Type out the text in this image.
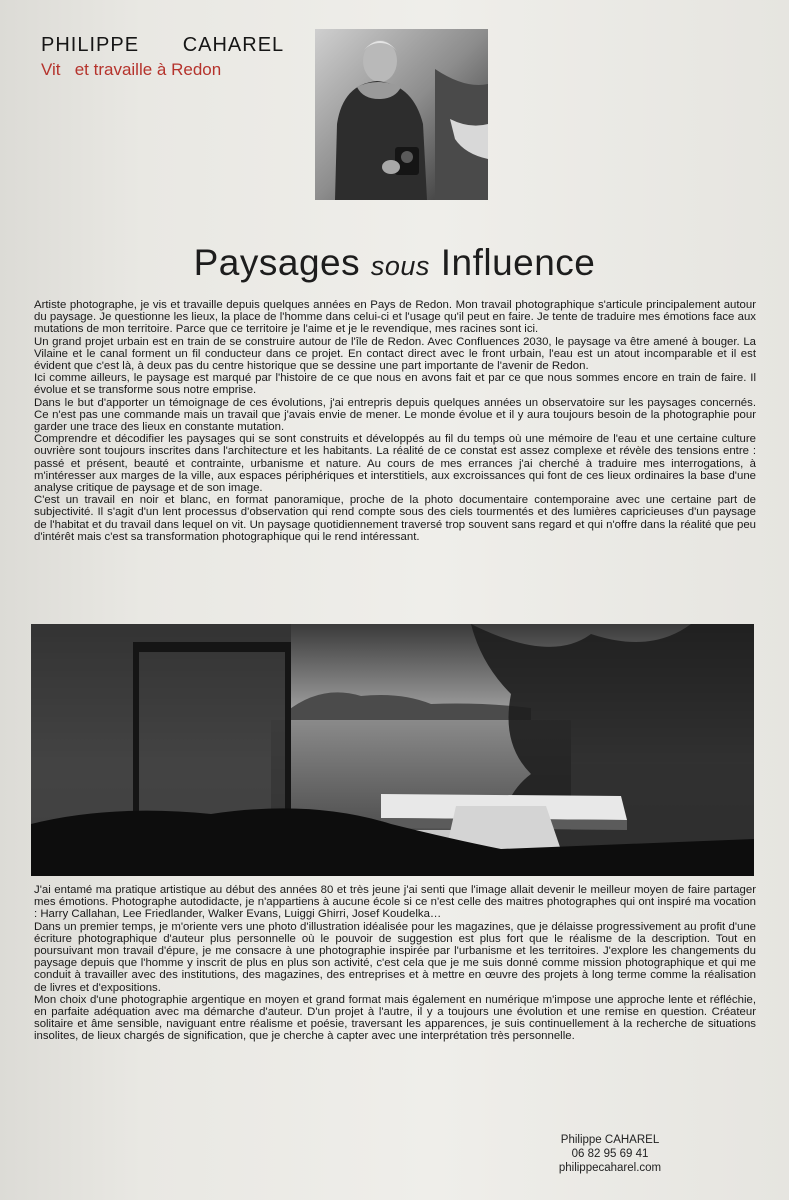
PHILIPPE   CAHAREL
Vit   et travaille à Redon
Paysages sous Influence

Artiste photographe, je vis et travaille depuis quelques années en Pays de Redon. Mon travail photographique s'articule principalement autour du paysage. Je questionne les lieux, la place de l'homme dans celui-ci et l'usage qu'il peut en faire. Je tente de traduire mes émotions face aux mutations de mon territoire. Parce que ce territoire je l'aime et je le revendique, mes racines sont ici.

Un grand projet urbain est en train de se construire autour de l'île de Redon. Avec Confluences 2030, le paysage va être amené à bouger. La Vilaine et le canal forment un fil conducteur dans ce projet. En contact direct avec le front urbain, l'eau est un atout incomparable et il est évident que c'est là, à deux pas du centre historique que se dessine une part importante de l'avenir de Redon.

Ici comme ailleurs, le paysage est marqué par l'histoire de ce que nous en avons fait et par ce que nous sommes encore en train de faire. Il évolue et se transforme sous notre emprise.

Dans le but d'apporter un témoignage de ces évolutions, j'ai entrepris depuis quelques années un observatoire sur les paysages concernés. Ce n'est pas une commande mais un travail que j'avais envie de mener. Le monde évolue et il y aura toujours besoin de la photographie pour garder une trace des lieux en constante mutation.

Comprendre et décodifier les paysages qui se sont construits et développés au fil du temps où une mémoire de l'eau et une certaine culture ouvrière sont toujours inscrites dans l'architecture et les habitants. La réalité de ce constat est assez complexe et révèle des tensions entre : passé et présent, beauté et contrainte, urbanisme et nature. Au cours de mes errances j'ai cherché à traduire mes interrogations, à m'intéresser aux marges de la ville, aux espaces périphériques et interstitiels, aux excroissances qui font de ces lieux ordinaires la base d'une analyse critique de paysage et de son image.

C'est un travail en noir et blanc, en format panoramique, proche de la photo documentaire contemporaine avec une certaine part de subjectivité. Il s'agit d'un lent processus d'observation qui rend compte sous des ciels tourmentés et des lumières capricieuses d'un paysage de l'habitat et du travail dans lequel on vit. Un paysage quotidiennement traversé trop souvent sans regard et qui n'offre dans la réalité que peu d'intérêt mais c'est sa transformation photographique qui le rend intéressant.

J'ai entamé ma pratique artistique au début des années 80 et très jeune j'ai senti que l'image allait devenir le meilleur moyen de faire partager mes émotions. Photographe autodidacte, je n'appartiens à aucune école si ce n'est celle des maitres photographes qui ont inspiré ma vocation : Harry Callahan, Lee Friedlander, Walker Evans, Luiggi Ghirri, Josef Koudelka…

Dans un premier temps, je m'oriente vers une photo d'illustration idéalisée pour les magazines, que je délaisse progressivement au profit d'une écriture photographique d'auteur plus personnelle où le pouvoir de suggestion est plus fort que le réalisme de la description. Tout en poursuivant mon travail d'épure, je me consacre à une photographie inspirée par l'urbanisme et les territoires. J'explore les changements du paysage depuis que l'homme y inscrit de plus en plus son activité, c'est cela que je me suis donné comme mission photographique et qui me conduit à travailler avec des institutions, des magazines, des entreprises et à mettre en œuvre des projets à long terme comme la réalisation de livres et d'expositions.

Mon choix d'une photographie argentique en moyen et grand format mais également en numérique m'impose une approche lente et réfléchie, en parfaite adéquation avec ma démarche d'auteur. D'un projet à l'autre, il y a toujours une évolution et une remise en question. Créateur solitaire et âme sensible, naviguant entre réalisme et poésie, traversant les apparences, je suis continuellement à la recherche de situations insolites, de lieux chargés de signification, que je cherche à capter avec une interprétation très personnelle.

Philippe CAHAREL
06 82 95 69 41
philippecaharel.com
